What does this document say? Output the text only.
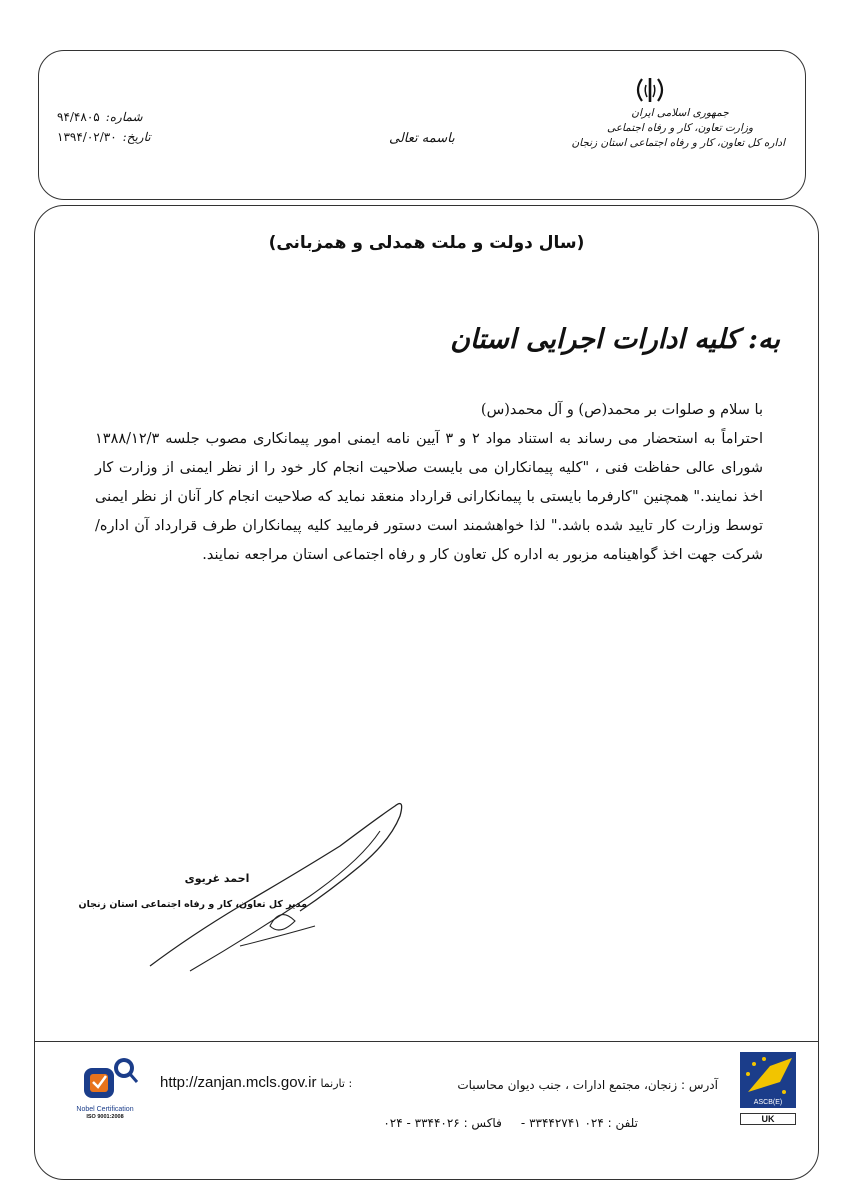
جمهوری اسلامی ایران
وزارت تعاون، کار و رفاه اجتماعی
اداره کل تعاون، کار و رفاه اجتماعی استان زنجان
باسمه تعالی
شماره:
۹۴/۴۸۰۵
تاریخ:
۱۳۹۴/۰۲/۳۰
(سال دولت و ملت همدلی و همزبانی)
به: کلیه ادارات اجرایی استان

با سلام و صلوات بر محمد(ص) و آل محمد(س)

احتراماً به استحضار می رساند به استناد مواد ۲ و ۳ آیین نامه ایمنی امور پیمانکاری مصوب جلسه ۱۳۸۸/۱۲/۳ شورای عالی حفاظت فنی ، "کلیه پیمانکاران می بایست صلاحیت انجام کار خود را از نظر ایمنی از وزارت کار اخذ نمایند." همچنین "کارفرما بایستی با پیمانکارانی قرارداد منعقد نماید که صلاحیت انجام کار آنان از نظر ایمنی توسط وزارت کار تایید شده باشد." لذا خواهشمند است دستور فرمایید کلیه پیمانکاران طرف قرارداد آن اداره/شرکت جهت اخذ گواهینامه مزبور به اداره کل تعاون کار و رفاه اجتماعی استان مراجعه نمایند.

احمد غریوی
مدیر کل تعاون، کار و رفاه اجتماعی استان زنجان
Nobel Certification
ISO 9001:2008
http://zanjan.mcls.gov.ir تارنما :	آدرس : زنجان، مجتمع ادارات ، جنب دیوان محاسبات
تلفن : ۰۲۴ ۳۳۴۴۲۷۴۱ -     فاکس : ۳۳۴۴۰۲۶ - ۰۲۴
ASCB(E)
UK
